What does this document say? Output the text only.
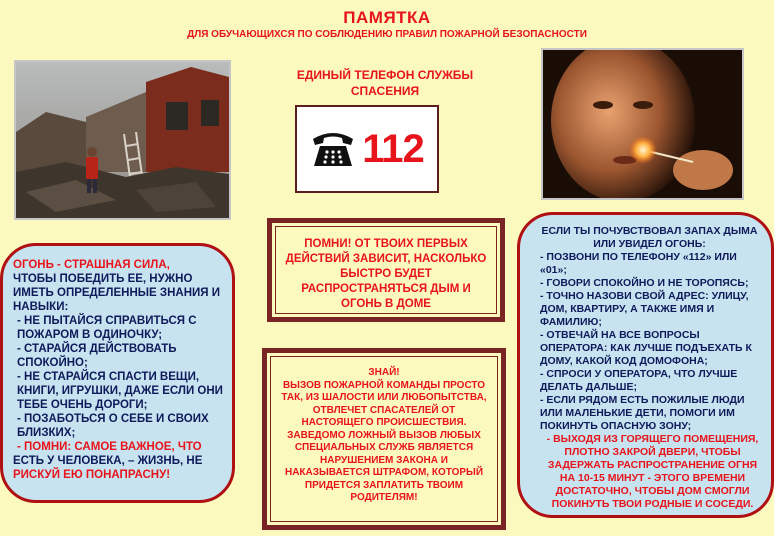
ПАМЯТКА
ДЛЯ ОБУЧАЮЩИХСЯ ПО СОБЛЮДЕНИЮ ПРАВИЛ ПОЖАРНОЙ БЕЗОПАСНОСТИ
ЕДИНЫЙ ТЕЛЕФОН СЛУЖБЫ СПАСЕНИЯ
112
ПОМНИ! ОТ ТВОИХ ПЕРВЫХ ДЕЙСТВИЙ ЗАВИСИТ, НАСКОЛЬКО БЫСТРО БУДЕТ РАСПРОСТРАНЯТЬСЯ ДЫМ И ОГОНЬ В ДОМЕ
ЗНАЙ!
ВЫЗОВ ПОЖАРНОЙ КОМАНДЫ ПРОСТО ТАК, ИЗ ШАЛОСТИ ИЛИ ЛЮБОПЫТСТВА, ОТВЛЕЧЕТ СПАСАТЕЛЕЙ ОТ НАСТОЯЩЕГО ПРОИСШЕСТВИЯ. ЗАВЕДОМО ЛОЖНЫЙ ВЫЗОВ ЛЮБЫХ СПЕЦИАЛЬНЫХ СЛУЖБ ЯВЛЯЕТСЯ НАРУШЕНИЕМ ЗАКОНА И НАКАЗЫВАЕТСЯ ШТРАФОМ, КОТОРЫЙ ПРИДЕТСЯ ЗАПЛАТИТЬ ТВОИМ РОДИТЕЛЯМ!

ОГОНЬ - СТРАШНАЯ СИЛА,

ЧТОБЫ ПОБЕДИТЬ ЕЕ, НУЖНО ИМЕТЬ ОПРЕДЕЛЕННЫЕ ЗНАНИЯ И НАВЫКИ:

- НЕ ПЫТАЙСЯ СПРАВИТЬСЯ С ПОЖАРОМ В ОДИНОЧКУ;

- СТАРАЙСЯ ДЕЙСТВОВАТЬ СПОКОЙНО;

- НЕ СТАРАЙСЯ СПАСТИ ВЕЩИ, КНИГИ, ИГРУШКИ, ДАЖЕ ЕСЛИ ОНИ ТЕБЕ ОЧЕНЬ ДОРОГИ;

- ПОЗАБОТЬСЯ О СЕБЕ И СВОИХ БЛИЗКИХ;

- ПОМНИ: САМОЕ ВАЖНОЕ, ЧТО

ЕСТЬ У ЧЕЛОВЕКА, – ЖИЗНЬ, НЕ

РИСКУЙ ЕЮ ПОНАПРАСНУ!

ЕСЛИ ТЫ ПОЧУВСТВОВАЛ ЗАПАХ ДЫМА ИЛИ УВИДЕЛ ОГОНЬ:

- ПОЗВОНИ ПО ТЕЛЕФОНУ «112» ИЛИ «01»;

- ГОВОРИ СПОКОЙНО И НЕ ТОРОПЯСЬ;

- ТОЧНО НАЗОВИ СВОЙ АДРЕС: УЛИЦУ, ДОМ, КВАРТИРУ, А ТАКЖЕ ИМЯ И ФАМИЛИЮ;

- ОТВЕЧАЙ НА ВСЕ ВОПРОСЫ ОПЕРАТОРА: КАК ЛУЧШЕ ПОДЪЕХАТЬ К ДОМУ, КАКОЙ КОД ДОМОФОНА;

- СПРОСИ У ОПЕРАТОРА, ЧТО ЛУЧШЕ ДЕЛАТЬ ДАЛЬШЕ;

- ЕСЛИ РЯДОМ ЕСТЬ ПОЖИЛЫЕ ЛЮДИ ИЛИ МАЛЕНЬКИЕ ДЕТИ, ПОМОГИ ИМ ПОКИНУТЬ ОПАСНУЮ ЗОНУ;

- ВЫХОДЯ ИЗ ГОРЯЩЕГО ПОМЕЩЕНИЯ, ПЛОТНО ЗАКРОЙ ДВЕРИ, ЧТОБЫ ЗАДЕРЖАТЬ РАСПРОСТРАНЕНИЕ ОГНЯ НА 10-15 МИНУТ - ЭТОГО ВРЕМЕНИ ДОСТАТОЧНО, ЧТОБЫ ДОМ СМОГЛИ ПОКИНУТЬ ТВОИ РОДНЫЕ И СОСЕДИ.
